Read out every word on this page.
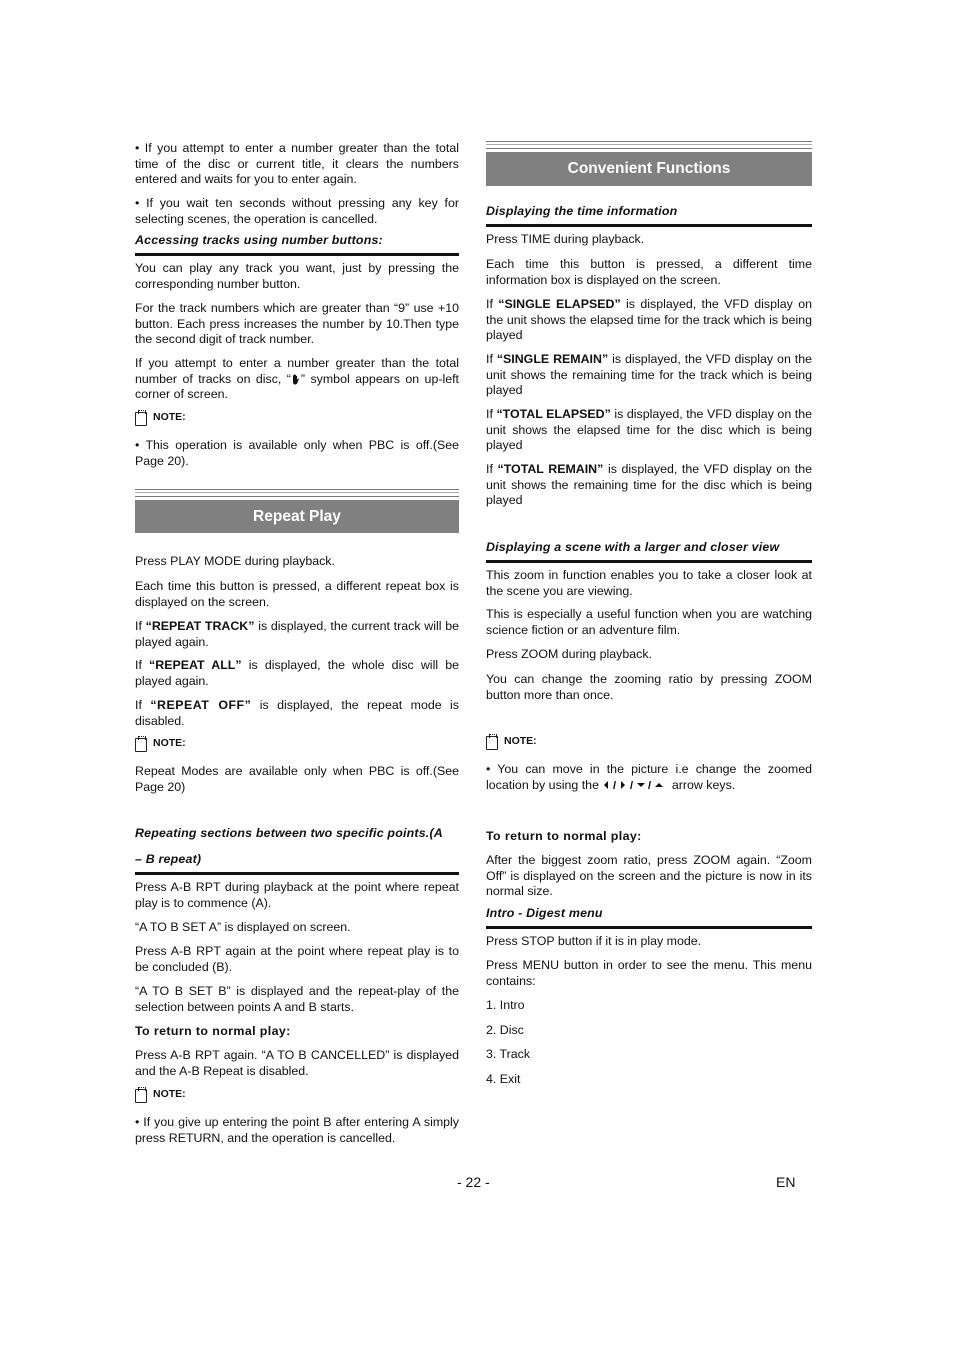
• If you attempt to enter a number greater than the total time of the disc or current title, it clears the numbers entered and waits for you to enter again.

• If you wait ten seconds without pressing any key for selecting scenes, the operation is cancelled.

Accessing tracks using number buttons:

You can play any track you want, just by pressing the corresponding number button.

For the track numbers which are greater than “9” use +10 button. Each press increases the number by 10.Then type the second digit of track number.

If you attempt to enter a number greater than the total number of tracks on disc, “ ” symbol appears on up-left corner of screen.

NOTE:

• This operation is available only when PBC is off.(See Page 20).

Repeat Play

Press PLAY MODE during playback.

Each time this button is pressed, a different repeat box is displayed on the screen.

If “REPEAT TRACK” is displayed, the current track will be played again.

If “REPEAT ALL” is displayed, the whole disc will be played again.

If “REPEAT OFF” is displayed, the repeat mode is disabled.

NOTE:

Repeat Modes are available only when PBC is off.(See Page 20)

Repeating sections between two specific points.(A
– B repeat)

Press A-B RPT during playback at the point where repeat play is to commence (A).

“A TO B SET A” is displayed on screen.

Press A-B RPT again at the point where repeat play is to be concluded (B).

“A TO B SET B” is displayed and the repeat-play of the selection between points A and B starts.

To return to normal play:

Press A-B RPT again. “A TO B CANCELLED” is displayed and the A-B Repeat is disabled.

NOTE:

• If you give up entering the point B after entering A simply press RETURN, and the operation is cancelled.

Convenient Functions
Displaying the time information

Press TIME during playback.

Each time this button is pressed, a different time information box is displayed on the screen.

If “SINGLE ELAPSED” is displayed, the VFD display on the unit shows the elapsed time for the track which is being played

If “SINGLE REMAIN” is displayed, the VFD display on the unit shows the remaining time for the track which is being played

If “TOTAL ELAPSED” is displayed, the VFD display on the unit shows the elapsed time for the disc which is being played

If “TOTAL REMAIN” is displayed, the VFD display on the unit shows the remaining time for the disc which is being played

Displaying a scene with a larger and closer view

This zoom in function enables you to take a closer look at the scene you are viewing.

This is especially a useful function when you are watching science fiction or an adventure film.

Press ZOOM during playback.

You can change the zooming ratio by pressing ZOOM button more than once.

NOTE:

• You can move in the picture i.e change the zoomed location by using the / / / arrow keys.

To return to normal play:

After the biggest zoom ratio, press ZOOM again. “Zoom Off” is displayed on the screen and the picture is now in its normal size.

Intro - Digest menu

Press STOP button if it is in play mode.

Press MENU button in order to see the menu. This menu contains:

1. Intro

2. Disc

3. Track

4. Exit

- 22 -	EN
